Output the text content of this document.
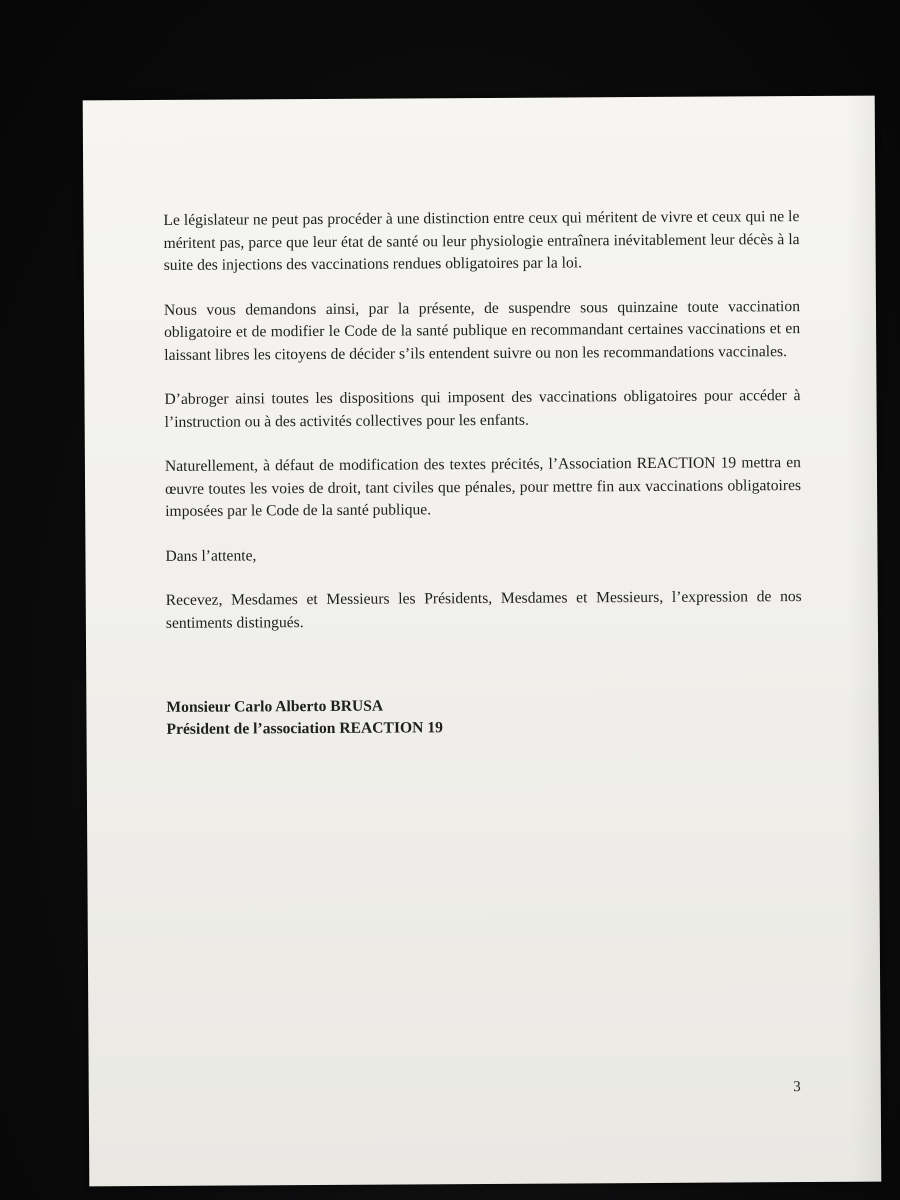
Le législateur ne peut pas procéder à une distinction entre ceux qui méritent de vivre et ceux qui ne le méritent pas, parce que leur état de santé ou leur physiologie entraînera inévitablement leur décès à la suite des injections des vaccinations rendues obligatoires par la loi.

Nous vous demandons ainsi, par la présente, de suspendre sous quinzaine toute vaccination obligatoire et de modifier le Code de la santé publique en recommandant certaines vaccinations et en laissant libres les citoyens de décider s’ils entendent suivre ou non les recommandations vaccinales.

D’abroger ainsi toutes les dispositions qui imposent des vaccinations obligatoires pour accéder à l’instruction ou à des activités collectives pour les enfants.

Naturellement, à défaut de modification des textes précités, l’Association REACTION 19 mettra en œuvre toutes les voies de droit, tant civiles que pénales, pour mettre fin aux vaccinations obligatoires imposées par le Code de la santé publique.

Dans l’attente,

Recevez, Mesdames et Messieurs les Présidents, Mesdames et Messieurs, l’expression de nos sentiments distingués.

Monsieur Carlo Alberto BRUSA
Président de l’association REACTION 19
3
